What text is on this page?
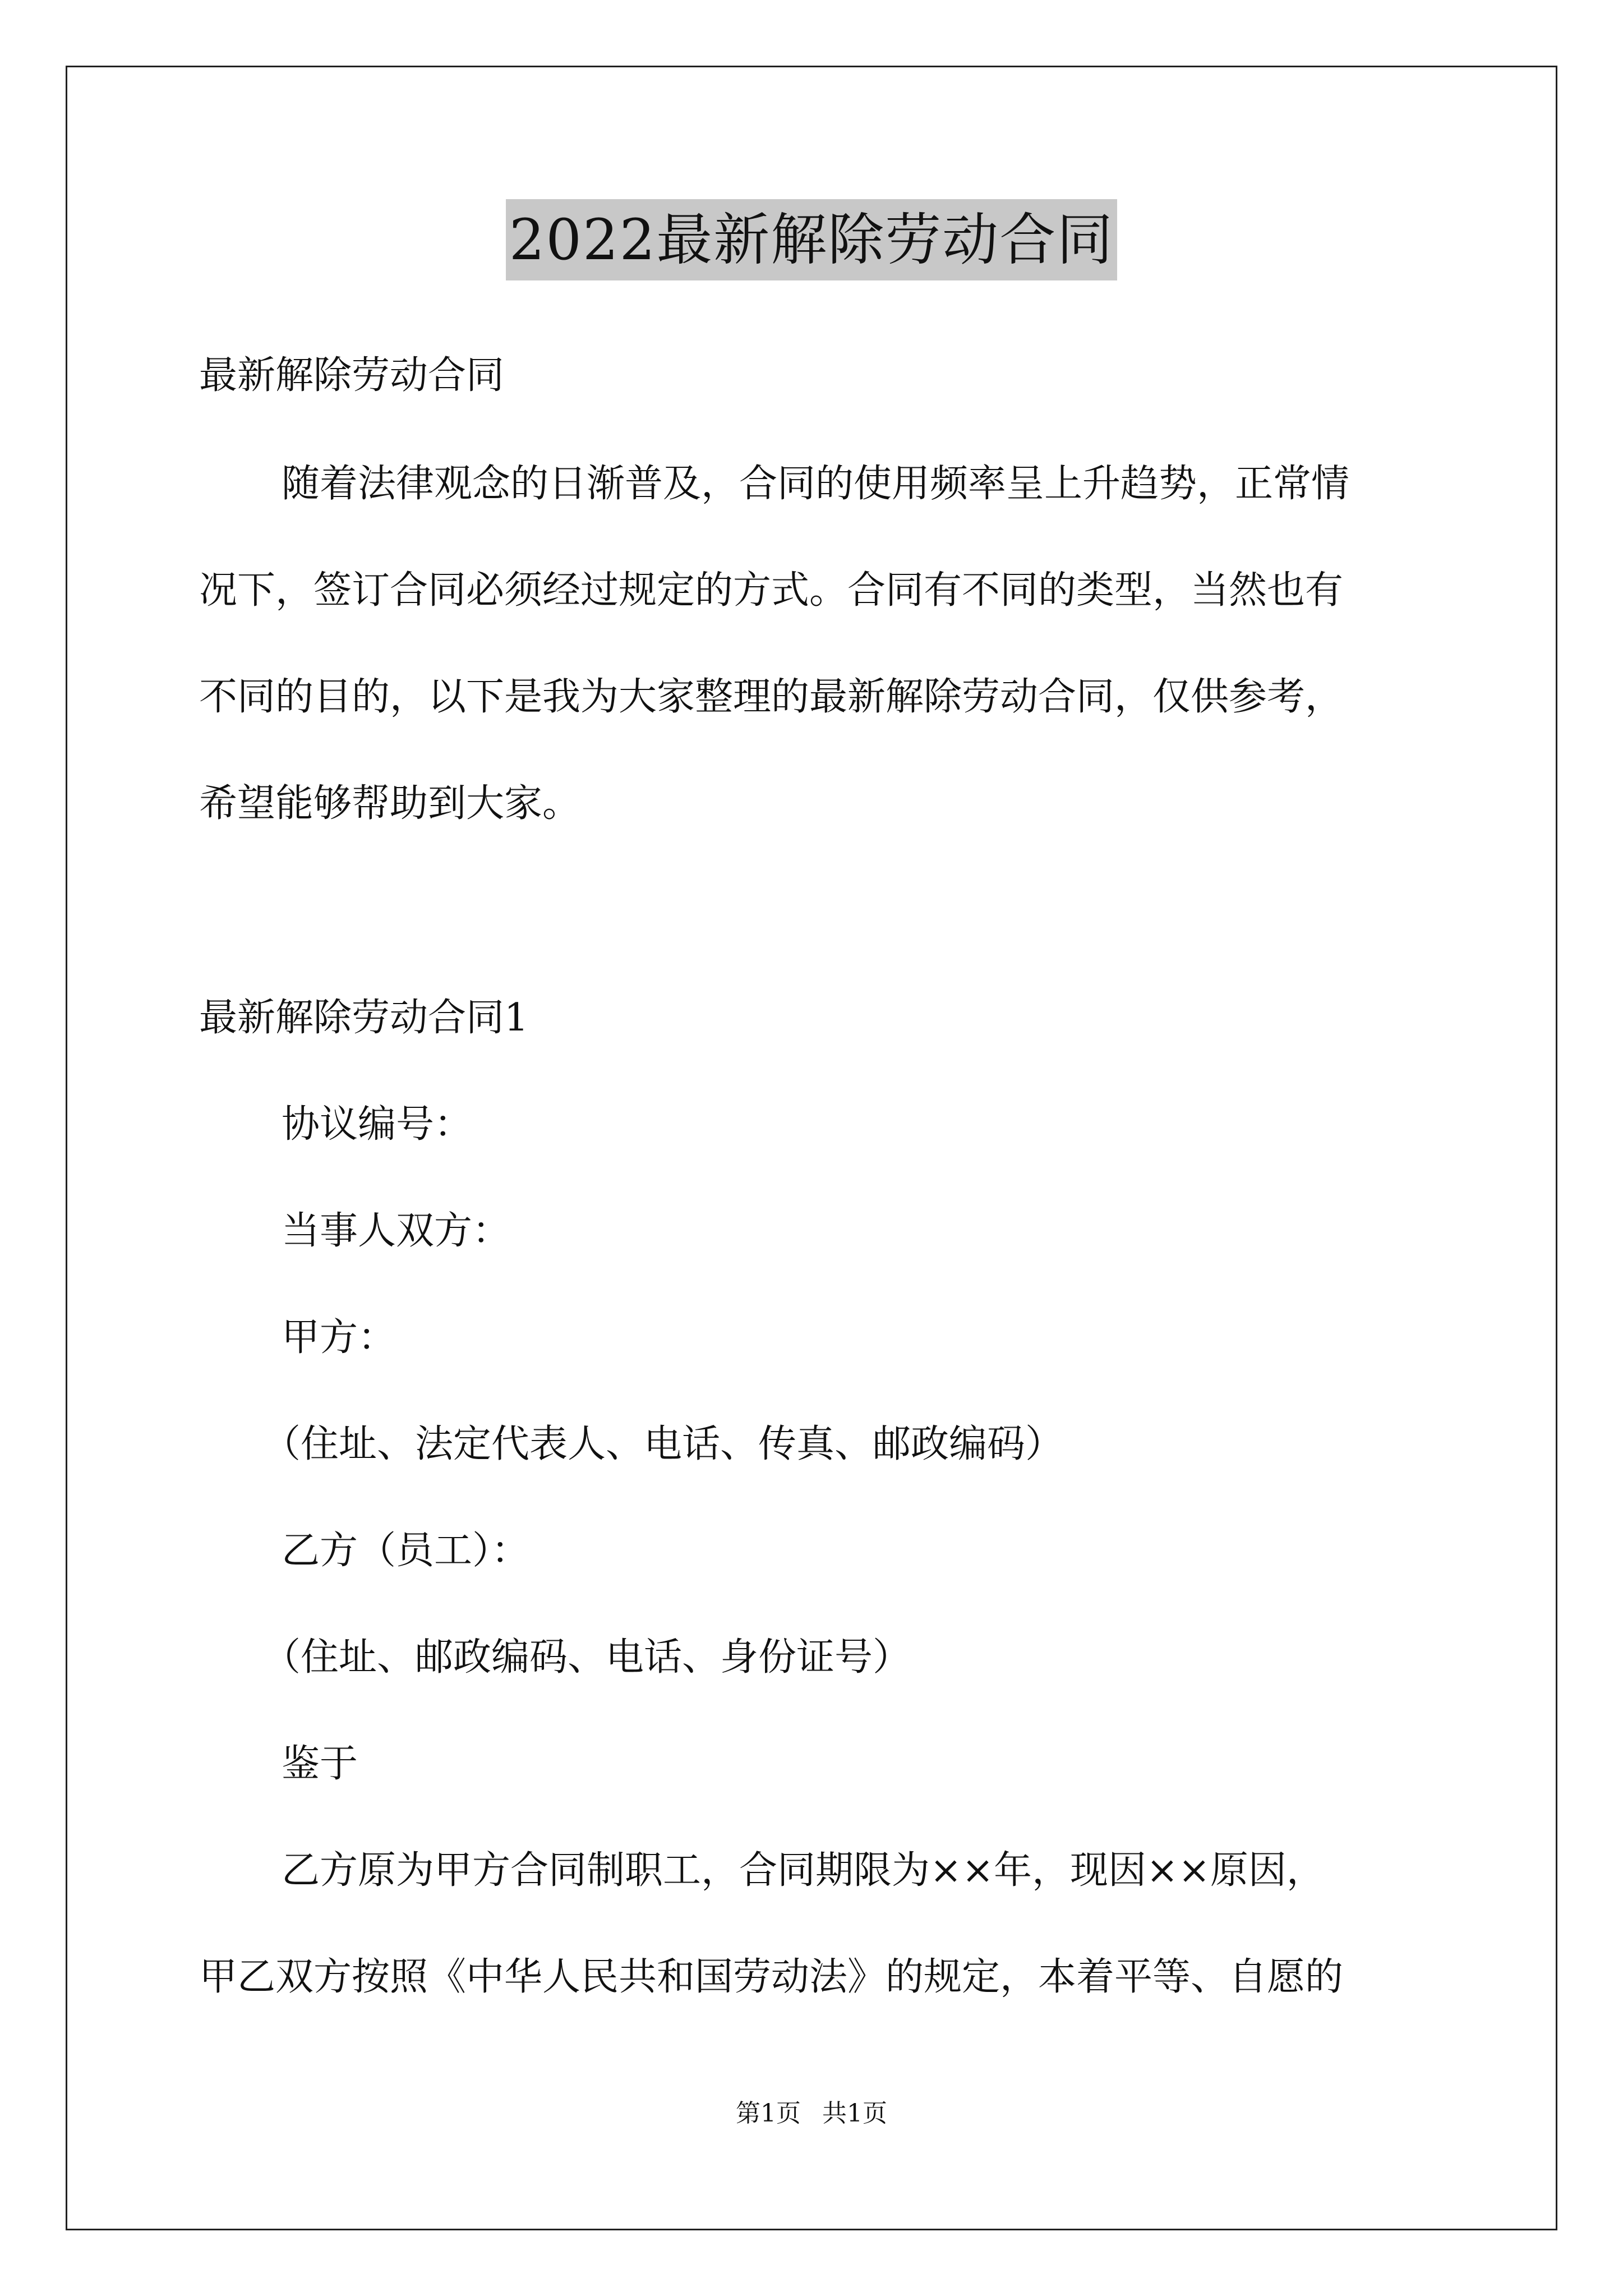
2022最新解除劳动合同
最新解除劳动合同
随着法律观念的日渐普及，合同的使用频率呈上升趋势，正常情
况下，签订合同必须经过规定的方式。合同有不同的类型，当然也有
不同的目的，以下是我为大家整理的最新解除劳动合同，仅供参考，
希望能够帮助到大家。
最新解除劳动合同1
协议编号：
当事人双方：
甲方：
（住址、法定代表人、电话、传真、邮政编码）
乙方（员工）：
（住址、邮政编码、电话、身份证号）
鉴于
乙方原为甲方合同制职工，合同期限为××年，现因××原因，
甲乙双方按照《中华人民共和国劳动法》的规定，本着平等、自愿的
第1页 共1页
